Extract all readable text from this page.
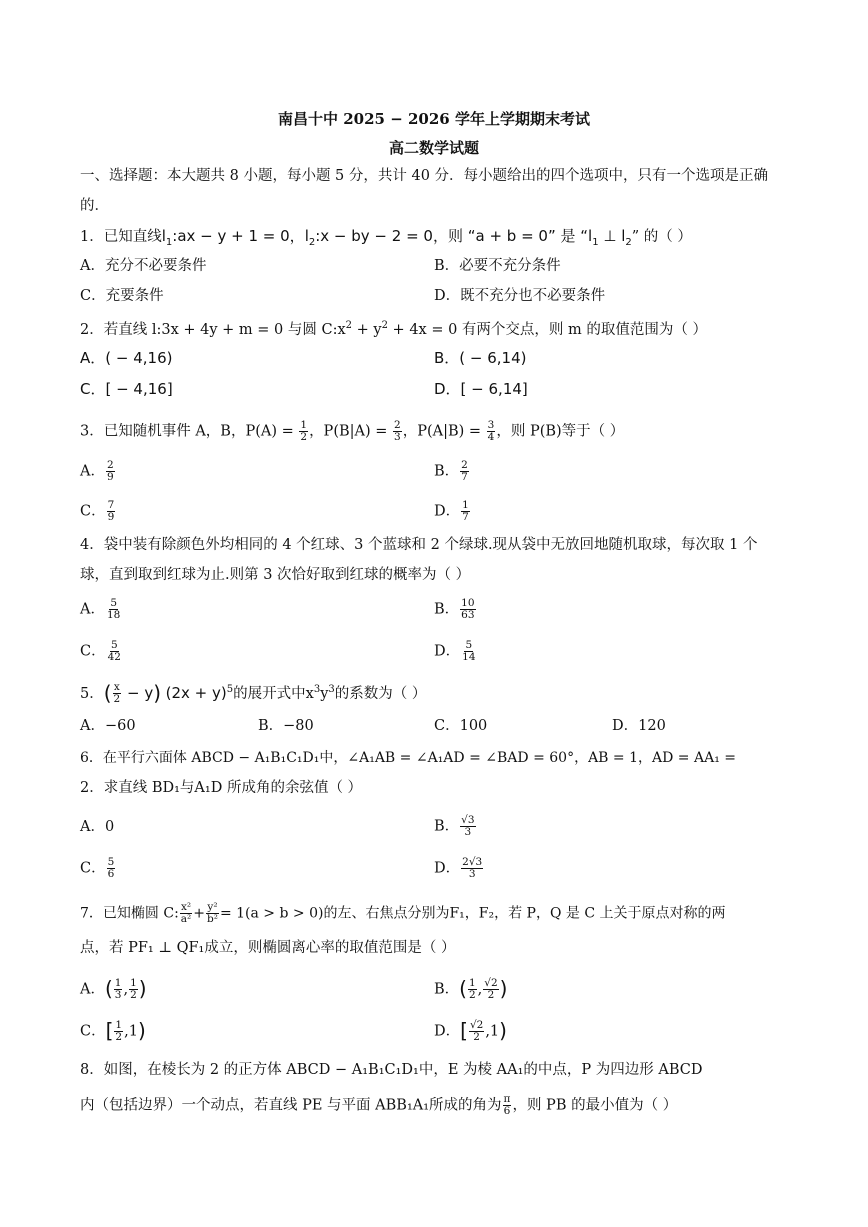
南昌十中 2025 − 2026 学年上学期期末考试
高二数学试题
一、选择题：本大题共 8 小题，每小题 5 分，共计 40 分．每小题给出的四个选项中，只有一个选项是正确
的．
1．已知直线$l_1:ax - y + 1 = 0$，$l_2:x$ − by − 2 = 0，则 “a + b = 0” 是 “$l_1$ ⊥ $l_2$” 的（ ）
A．充分不必要条件	B．必要不充分条件
C．充要条件	D．既不充分也不必要条件
2．若直线 l:3x + 4y + m = 0 与圆 $C:x^2 + y^2 + 4x = 0$ 有两个交点，则 m 的取值范围为（ ）
A．( − 4,16)	B．( − 6,14)
C．[ − 4,16]	D．[ − 6,14]
3．已知随机事件 A，B，$P(A) = \frac{1}{2}$ ，$P(B|A) = \frac{2}{3}$ ，$P(A|B) = \frac{3}{4}$ ，则 P(B)等于（ ）
A． $\frac{2}{9}$	B． $\frac{2}{7}$
C． $\frac{7}{9}$	D． $\frac{1}{7}$
4．袋中装有除颜色外均相同的 4 个红球、3 个蓝球和 2 个绿球.现从袋中无放回地随机取球，每次取 1 个
球，直到取到红球为止.则第 3 次恰好取到红球的概率为（ ）
A． $\frac{5}{18}$	B． $\frac{10}{63}$
C． $\frac{5}{42}$	D． $\frac{5}{14}$
5．( $\frac{x}{2} - y$) $(2x + y)^5$的展开式中$x^3y^3$的系数为（ ）
A．−60	B．−80	C．100	D．120
6．在平行六面体 ABCD − A₁B₁C₁D₁中，∠A₁AB = ∠A₁AD = ∠BAD = 60°，AB = 1，AD = AA₁ =
2．求直线 BD₁与A₁D 所成角的余弦值（ ）
A．0	B． $\frac{√3}{3}$
C． $\frac{5}{6}$	D． $\frac{2√3}{3}$
7．已知椭圆 C: $\frac{\text{x²}}{\text{a²}} + \frac{\text{y²}}{\text{b²}} = 1(a > b > 0)$的左、右焦点分别为F₁，F₂，若 P，Q 是 C 上关于原点对称的两
点，若 PF₁ ⊥ QF₁成立，则椭圆离心率的取值范围是（ ）
A．( $\frac{1}{3}$ , $\frac{1}{2}$ )	B．( $\frac{1}{2}$ , $\frac{√2}{2}$ )
C．[ $\frac{1}{2} ,1$)	D．[ $\frac{√2}{2} ,1$)
8．如图，在棱长为 2 的正方体 ABCD − A₁B₁C₁D₁中，E 为棱 AA₁的中点，P 为四边形 ABCD
内（包括边界）一个动点，若直线 PE 与平面 ABB₁A₁所成的角为 $\frac{\pi}{6}$ ，则 PB 的最小值为（ ）
